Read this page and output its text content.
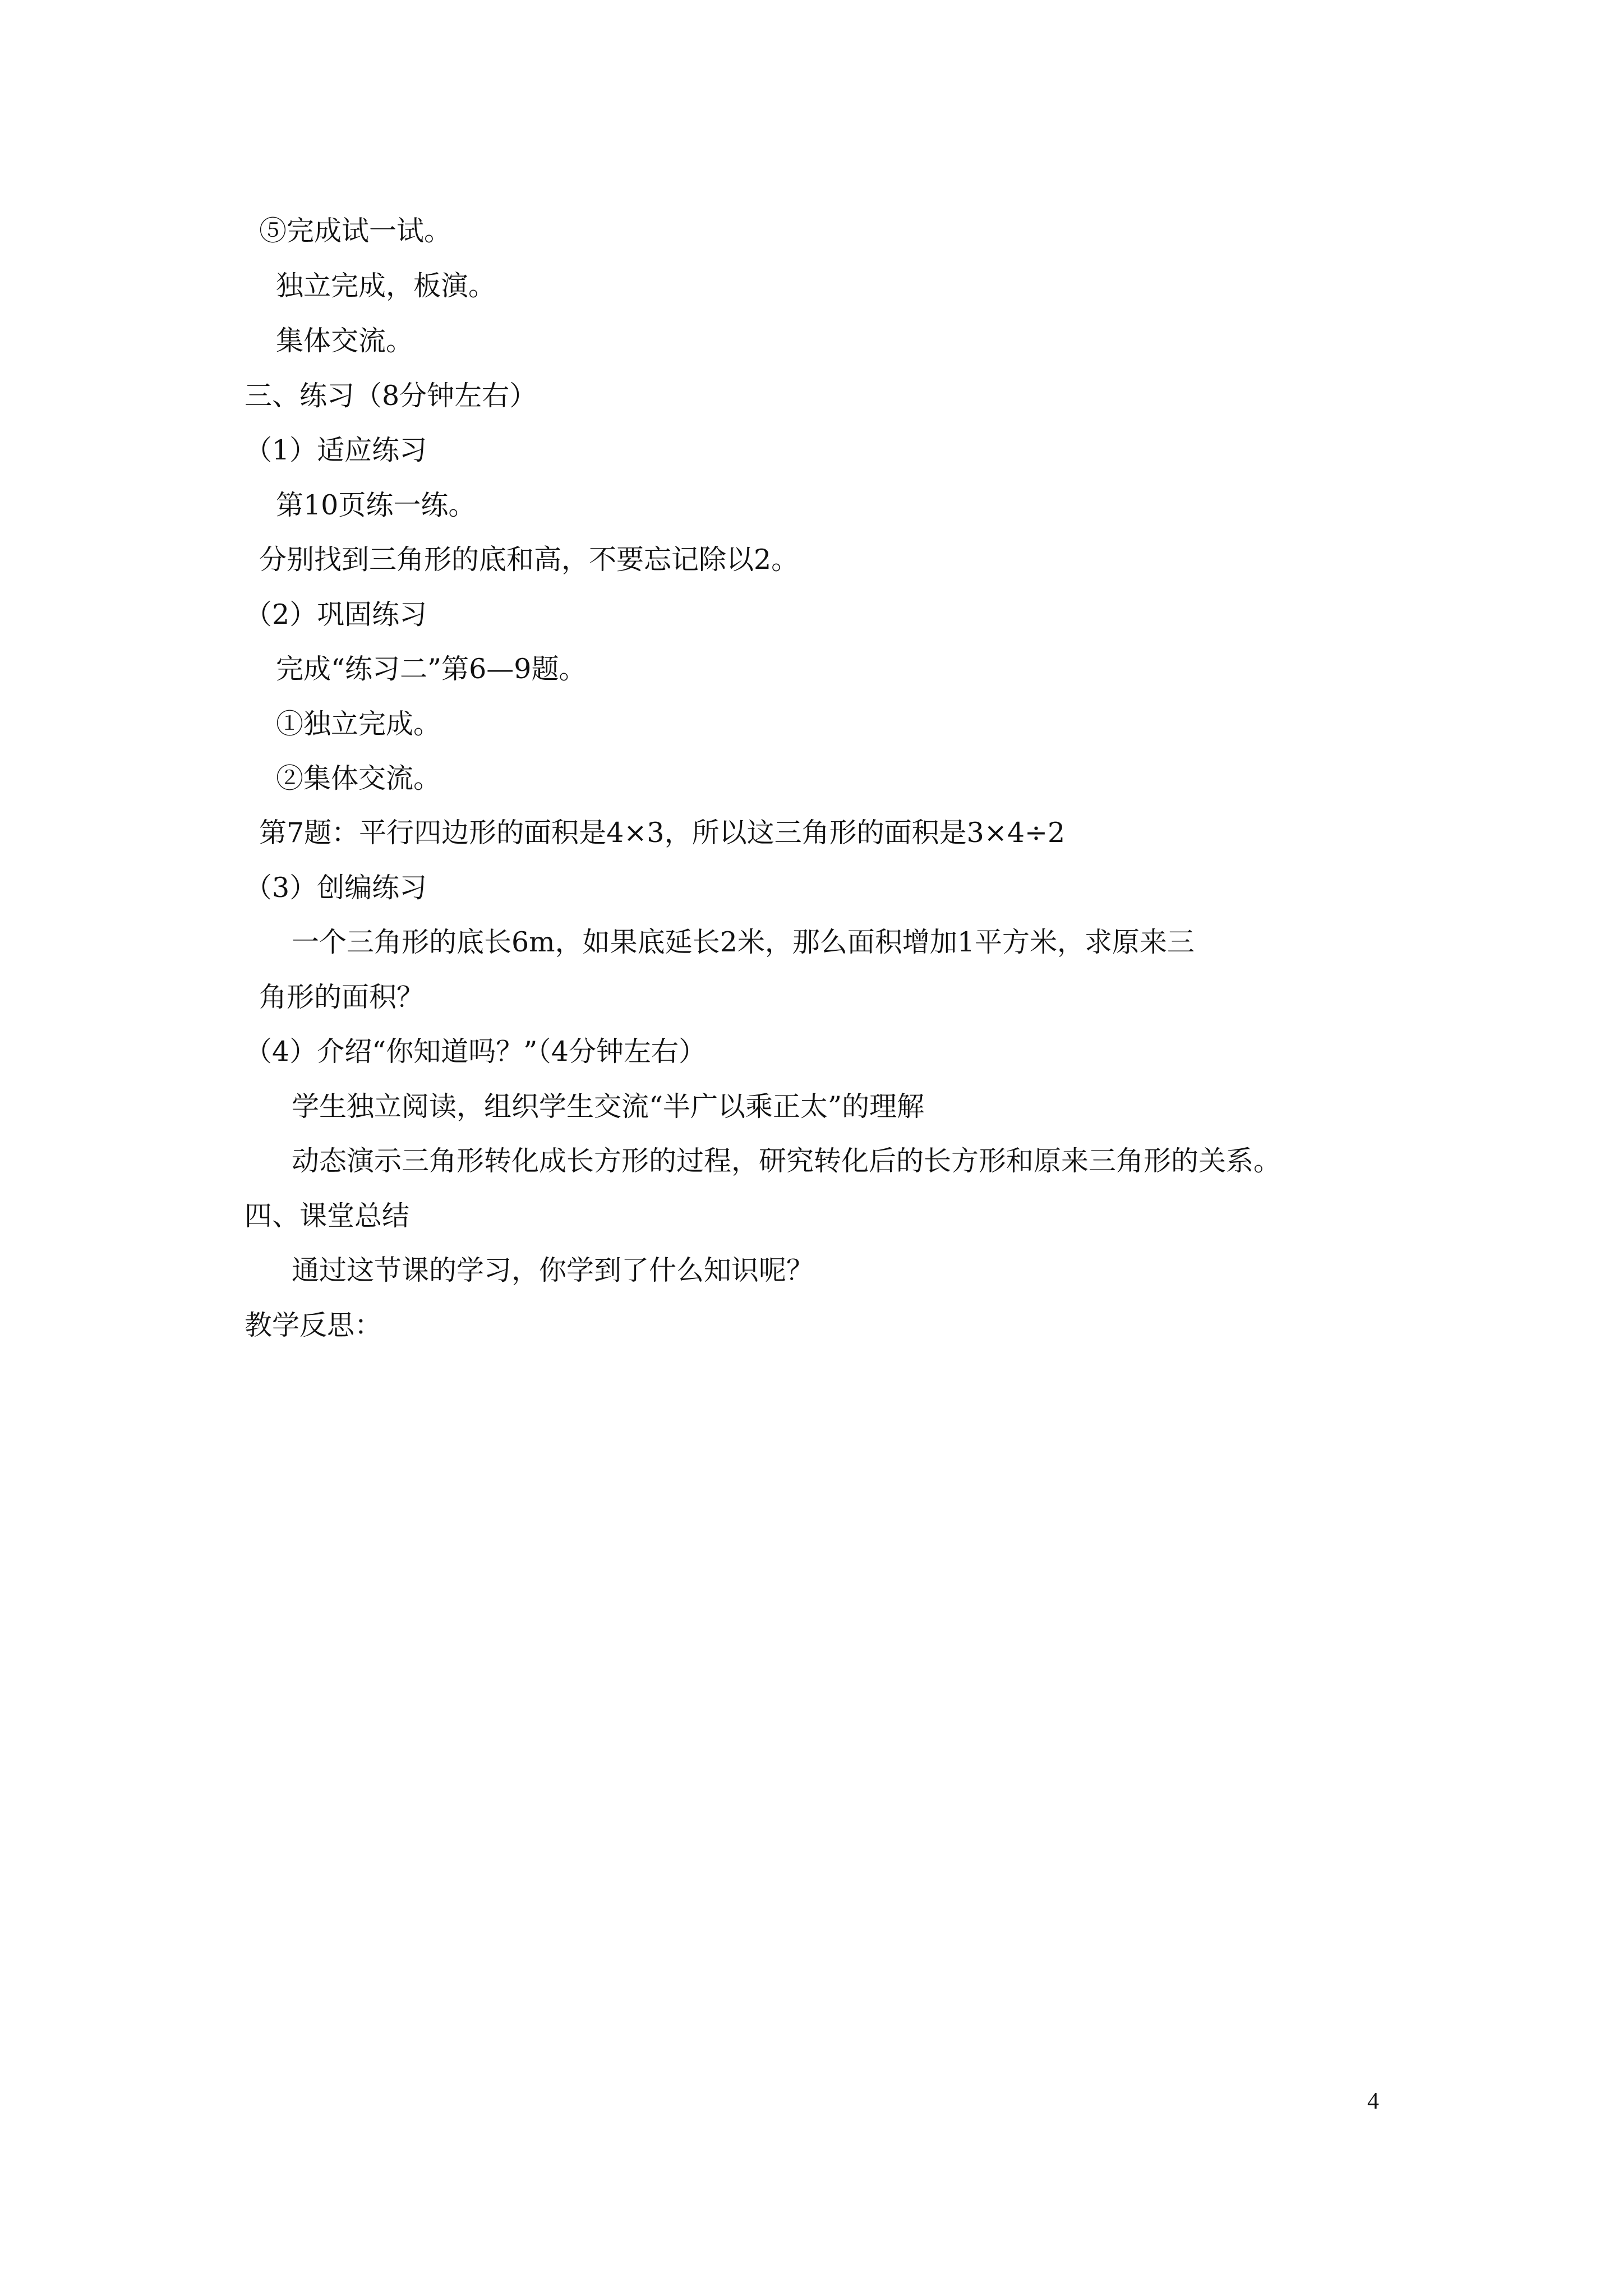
⑤完成试一试。
独立完成，板演。
集体交流。
三、练习（8分钟左右）
（1）适应练习
第10页练一练。
分别找到三角形的底和高，不要忘记除以2。
（2）巩固练习
完成“练习二”第6—9题。
①独立完成。
②集体交流。
第7题：平行四边形的面积是4×3，所以这三角形的面积是3×4÷2
（3）创编练习
一个三角形的底长6m，如果底延长2米，那么面积增加1平方米，求原来三
角形的面积？
（4）介绍“你知道吗？”（4分钟左右）
学生独立阅读，组织学生交流“半广以乘正太”的理解
动态演示三角形转化成长方形的过程，研究转化后的长方形和原来三角形的关系。
四、课堂总结
通过这节课的学习，你学到了什么知识呢？
教学反思：
4
